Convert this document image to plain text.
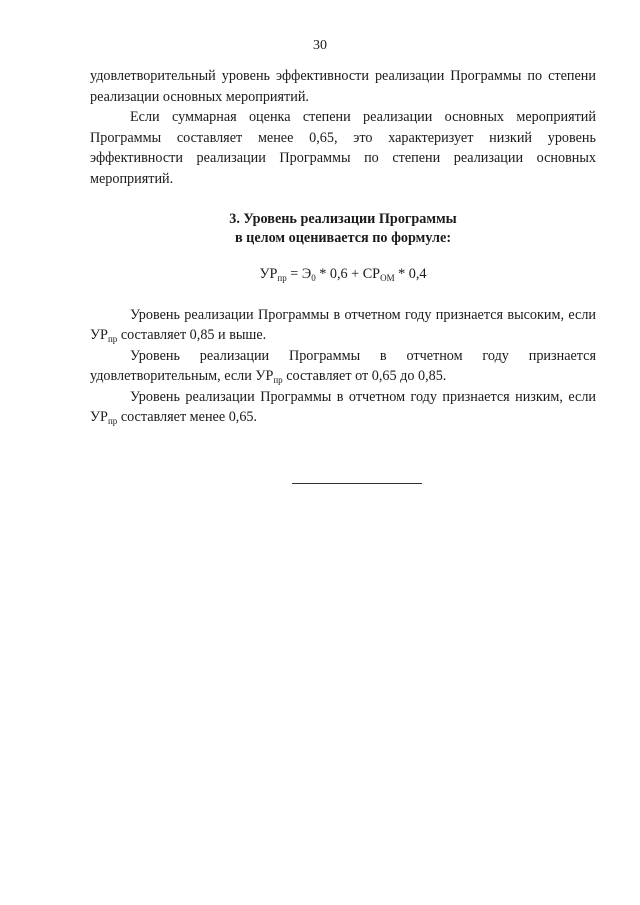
30

удовлетворительный уровень эффективности реализации Программы по степени реализации основных мероприятий.

Если суммарная оценка степени реализации основных мероприятий Программы составляет менее 0,65, это характеризует низкий уровень эффективности реализации Программы по степени реализации основных мероприятий.

3. Уровень реализации Программы
в целом оценивается по формуле:
$УР_{пр} = Э_0 * 0,6 + СР_{ОМ} * 0,4$

Уровень реализации Программы в отчетном году признается высоким, если $УР_{пр}$ составляет 0,85 и выше.

Уровень реализации Программы в отчетном году признается удовлетворительным, если $УР_{пр}$ составляет от 0,65 до 0,85.

Уровень реализации Программы в отчетном году признается низким, если $УР_{пр}$ составляет менее 0,65.
